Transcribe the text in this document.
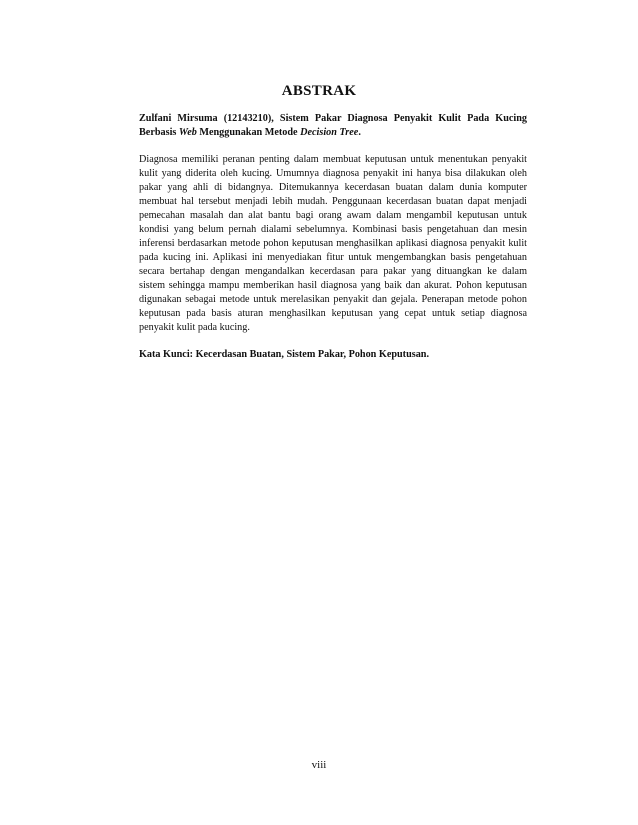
ABSTRAK

Zulfani Mirsuma (12143210), Sistem Pakar Diagnosa Penyakit Kulit Pada Kucing Berbasis Web Menggunakan Metode Decision Tree.

Diagnosa memiliki peranan penting dalam membuat keputusan untuk menentukan penyakit kulit yang diderita oleh kucing. Umumnya diagnosa penyakit ini hanya bisa dilakukan oleh pakar yang ahli di bidangnya. Ditemukannya kecerdasan buatan dalam dunia komputer membuat hal tersebut menjadi lebih mudah. Penggunaan kecerdasan buatan dapat menjadi pemecahan masalah dan alat bantu bagi orang awam dalam mengambil keputusan untuk kondisi yang belum pernah dialami sebelumnya. Kombinasi basis pengetahuan dan mesin inferensi berdasarkan metode pohon keputusan menghasilkan aplikasi diagnosa penyakit kulit pada kucing ini. Aplikasi ini menyediakan fitur untuk mengembangkan basis pengetahuan secara bertahap dengan mengandalkan kecerdasan para pakar yang dituangkan ke dalam sistem sehingga mampu memberikan hasil diagnosa yang baik dan akurat. Pohon keputusan digunakan sebagai metode untuk merelasikan penyakit dan gejala. Penerapan metode pohon keputusan pada basis aturan menghasilkan keputusan yang cepat untuk setiap diagnosa penyakit kulit pada kucing.

Kata Kunci: Kecerdasan Buatan, Sistem Pakar, Pohon Keputusan.

viii
